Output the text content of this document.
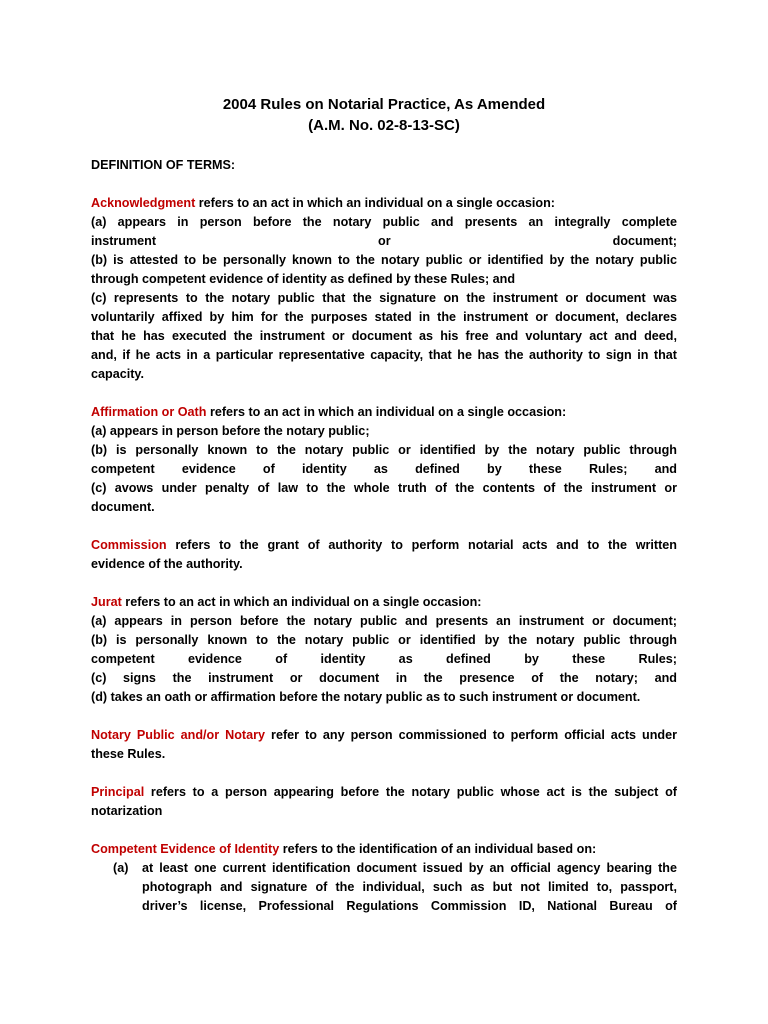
2004 Rules on Notarial Practice, As Amended
(A.M. No. 02-8-13-SC)

DEFINITION OF TERMS:

Acknowledgment refers to an act in which an individual on a single occasion:

(a) appears in person before the notary public and presents an integrally complete

instrument or document;

(b) is attested to be personally known to the notary public or identified by the notary public

through competent evidence of identity as defined by these Rules; and

(c) represents to the notary public that the signature on the instrument or document was

voluntarily affixed by him for the purposes stated in the instrument or document, declares

that he has executed the instrument or document as his free and voluntary act and deed,

and, if he acts in a particular representative capacity, that he has the authority to sign in that

capacity.

Affirmation or Oath refers to an act in which an individual on a single occasion:

(a) appears in person before the notary public;

(b) is personally known to the notary public or identified by the notary public through

competent evidence of identity as defined by these Rules; and

(c) avows under penalty of law to the whole truth of the contents of the instrument or

document.

Commission refers to the grant of authority to perform notarial acts and to the written

evidence of the authority.

Jurat refers to an act in which an individual on a single occasion:

(a) appears in person before the notary public and presents an instrument or document;

(b) is personally known to the notary public or identified by the notary public through

competent evidence of identity as defined by these Rules;

(c) signs the instrument or document in the presence of the notary; and

(d) takes an oath or affirmation before the notary public as to such instrument or document.

Notary Public and/or Notary refer to any person commissioned to perform official acts under

these Rules.

Principal refers to a person appearing before the notary public whose act is the subject of

notarization

Competent Evidence of Identity refers to the identification of an individual based on:

(a)	at least one current identification document issued by an official agency bearing the

photograph and signature of the individual, such as but not limited to, passport,

driver’s license, Professional Regulations Commission ID, National Bureau of
